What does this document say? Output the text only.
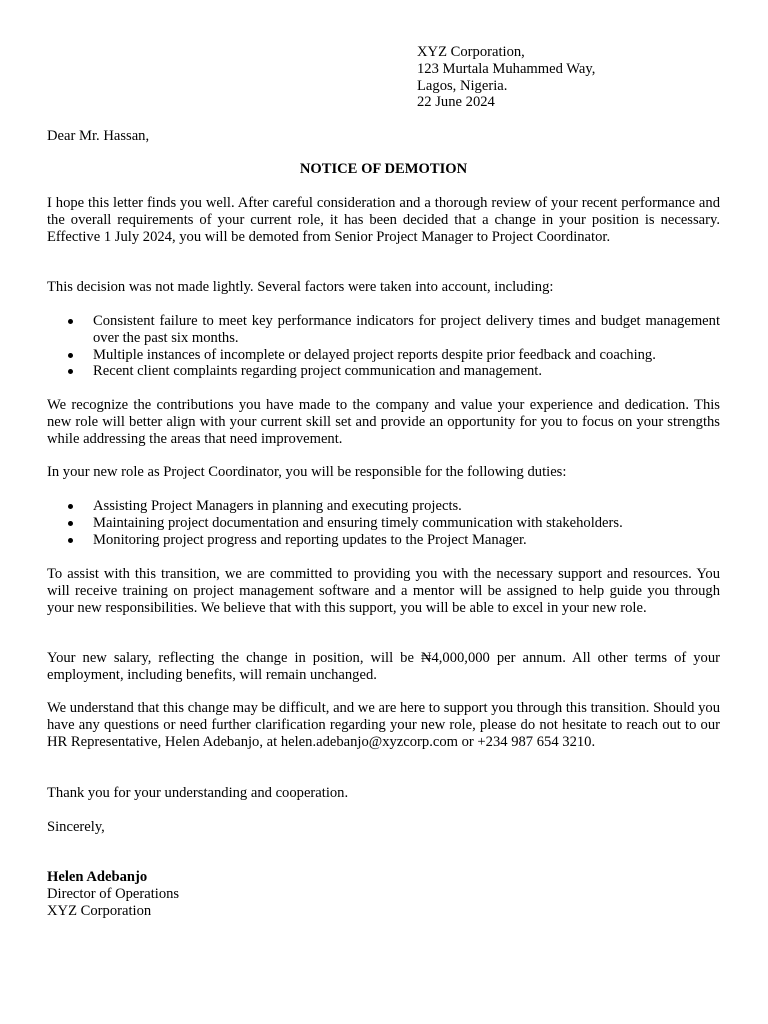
XYZ Corporation,
123 Murtala Muhammed Way,
Lagos, Nigeria.
22 June 2024
Dear Mr. Hassan,
NOTICE OF DEMOTION

I hope this letter finds you well. After careful consideration and a thorough review of your recent performance and the overall requirements of your current role, it has been decided that a change in your position is necessary. Effective 1 July 2024, you will be demoted from Senior Project Manager to Project Coordinator.

This decision was not made lightly. Several factors were taken into account, including:

Consistent failure to meet key performance indicators for project delivery times and budget management over the past six months.
Multiple instances of incomplete or delayed project reports despite prior feedback and coaching.
Recent client complaints regarding project communication and management.

We recognize the contributions you have made to the company and value your experience and dedication. This new role will better align with your current skill set and provide an opportunity for you to focus on your strengths while addressing the areas that need improvement.

In your new role as Project Coordinator, you will be responsible for the following duties:

Assisting Project Managers in planning and executing projects.
Maintaining project documentation and ensuring timely communication with stakeholders.
Monitoring project progress and reporting updates to the Project Manager.

To assist with this transition, we are committed to providing you with the necessary support and resources. You will receive training on project management software and a mentor will be assigned to help guide you through your new responsibilities. We believe that with this support, you will be able to excel in your new role.

Your new salary, reflecting the change in position, will be ₦4,000,000 per annum. All other terms of your employment, including benefits, will remain unchanged.

We understand that this change may be difficult, and we are here to support you through this transition. Should you have any questions or need further clarification regarding your new role, please do not hesitate to reach out to our HR Representative, Helen Adebanjo, at helen.adebanjo@xyzcorp.com or +234 987 654 3210.

Thank you for your understanding and cooperation.

Sincerely,

Helen Adebanjo
Director of Operations
XYZ Corporation
